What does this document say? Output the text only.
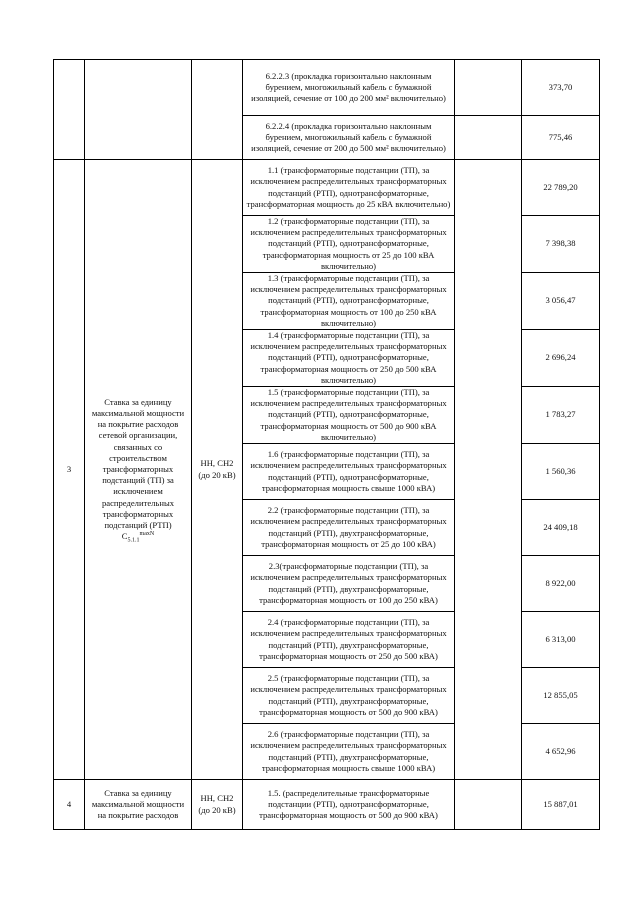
			6.2.2.3 (прокладка горизонтально наклонным бурением, многожильный кабель с бумажной изоляцией, сечение от 100 до 200 мм² включительно)		373,70
			6.2.2.4 (прокладка горизонтально наклонным бурением, многожильный кабель с бумажной изоляцией, сечение от 200 до 500 мм² включительно)		775,46
3	Ставка за единицу максимальной мощности на покрытие расходов сетевой организации, связанных со строительством трансформаторных подстанций (ТП) за исключением распределительных трансформаторных подстанций (РТП) $С_{5.1.1}^{maxN}$	НН, СН2 (до 20 кВ)	1.1 (трансформаторные подстанции (ТП), за исключением распределительных трансформаторных подстанций (РТП), однотрансформаторные, трансформаторная мощность до 25 кВА включительно)		22 789,20
			1.2 (трансформаторные подстанции (ТП), за исключением распределительных трансформаторных подстанций (РТП), однотрансформаторные, трансформаторная мощность от 25 до 100 кВА включительно)		7 398,38
			1.3 (трансформаторные подстанции (ТП), за исключением распределительных трансформаторных подстанций (РТП), однотрансформаторные, трансформаторная мощность от 100 до 250 кВА включительно)		3 056,47
			1.4 (трансформаторные подстанции (ТП), за исключением распределительных трансформаторных подстанций (РТП), однотрансформаторные, трансформаторная мощность от 250 до 500 кВА включительно)		2 696,24
			1.5 (трансформаторные подстанции (ТП), за исключением распределительных трансформаторных подстанций (РТП), однотрансформаторные, трансформаторная мощность от 500 до 900 кВА включительно)		1 783,27
			1.6 (трансформаторные подстанции (ТП), за исключением распределительных трансформаторных подстанций (РТП), однотрансформаторные, трансформаторная мощность свыше 1000 кВА)		1 560,36
			2.2 (трансформаторные подстанции (ТП), за исключением распределительных трансформаторных подстанций (РТП), двухтрансформаторные, трансформаторная мощность от 25 до 100 кВА)		24 409,18
			2.3(трансформаторные подстанции (ТП), за исключением распределительных трансформаторных подстанций (РТП), двухтрансформаторные, трансформаторная мощность от 100 до 250 кВА)		8 922,00
			2.4 (трансформаторные подстанции (ТП), за исключением распределительных трансформаторных подстанций (РТП), двухтрансформаторные, трансформаторная мощность от 250 до 500 кВА)		6 313,00
			2.5 (трансформаторные подстанции (ТП), за исключением распределительных трансформаторных подстанций (РТП), двухтрансформаторные, трансформаторная мощность от 500 до 900 кВА)		12 855,05
			2.6 (трансформаторные подстанции (ТП), за исключением распределительных трансформаторных подстанций (РТП), двухтрансформаторные, трансформаторная мощность свыше 1000 кВА)		4 652,96
4	Ставка за единицу максимальной мощности на покрытие расходов	НН, СН2 (до 20 кВ)	1.5. (распределительные трансформаторные подстанции (РТП), однотрансформаторные, трансформаторная мощность от 500 до 900 кВА)		15 887,01
